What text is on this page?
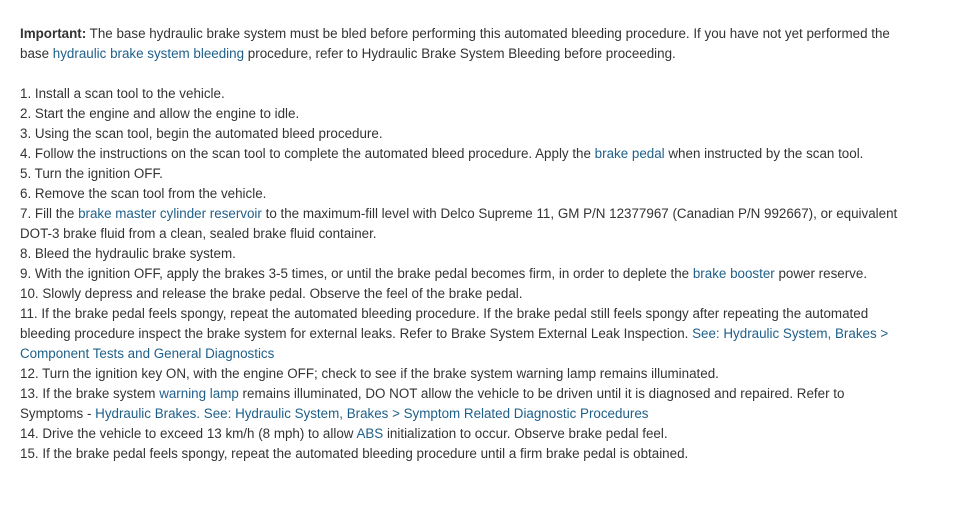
Important: The base hydraulic brake system must be bled before performing this automated bleeding procedure. If you have not yet performed the base hydraulic brake system bleeding procedure, refer to Hydraulic Brake System Bleeding before proceeding.

1. Install a scan tool to the vehicle.
2. Start the engine and allow the engine to idle.
3. Using the scan tool, begin the automated bleed procedure.
4. Follow the instructions on the scan tool to complete the automated bleed procedure. Apply the brake pedal when instructed by the scan tool.
5. Turn the ignition OFF.
6. Remove the scan tool from the vehicle.
7. Fill the brake master cylinder reservoir to the maximum-fill level with Delco Supreme 11, GM P/N 12377967 (Canadian P/N 992667), or equivalent DOT-3 brake fluid from a clean, sealed brake fluid container.
8. Bleed the hydraulic brake system.
9. With the ignition OFF, apply the brakes 3-5 times, or until the brake pedal becomes firm, in order to deplete the brake booster power reserve.
10. Slowly depress and release the brake pedal. Observe the feel of the brake pedal.
11. If the brake pedal feels spongy, repeat the automated bleeding procedure. If the brake pedal still feels spongy after repeating the automated bleeding procedure inspect the brake system for external leaks. Refer to Brake System External Leak Inspection. See: Hydraulic System, Brakes > Component Tests and General Diagnostics
12. Turn the ignition key ON, with the engine OFF; check to see if the brake system warning lamp remains illuminated.
13. If the brake system warning lamp remains illuminated, DO NOT allow the vehicle to be driven until it is diagnosed and repaired. Refer to Symptoms - Hydraulic Brakes. See: Hydraulic System, Brakes > Symptom Related Diagnostic Procedures
14. Drive the vehicle to exceed 13 km/h (8 mph) to allow ABS initialization to occur. Observe brake pedal feel.
15. If the brake pedal feels spongy, repeat the automated bleeding procedure until a firm brake pedal is obtained.
